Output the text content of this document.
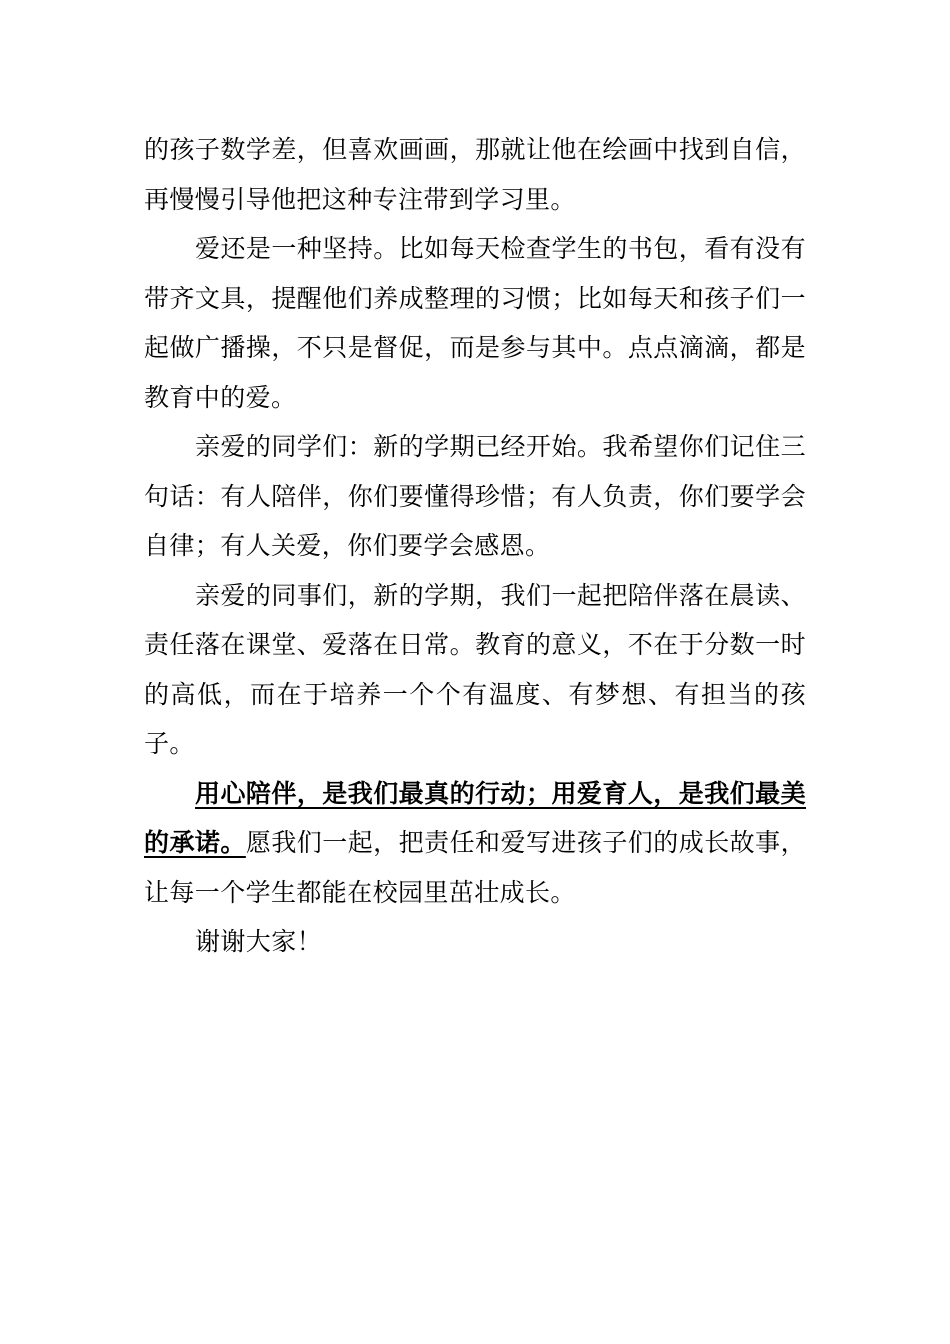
的孩子数学差，但喜欢画画，那就让他在绘画中找到自信，再慢慢引导他把这种专注带到学习里。

爱还是一种坚持。比如每天检查学生的书包，看有没有带齐文具，提醒他们养成整理的习惯；比如每天和孩子们一起做广播操，不只是督促，而是参与其中。点点滴滴，都是教育中的爱。

亲爱的同学们：新的学期已经开始。我希望你们记住三句话：有人陪伴，你们要懂得珍惜；有人负责，你们要学会自律；有人关爱，你们要学会感恩。

亲爱的同事们，新的学期，我们一起把陪伴落在晨读、责任落在课堂、爱落在日常。教育的意义，不在于分数一时的高低，而在于培养一个个有温度、有梦想、有担当的孩子。

用心陪伴，是我们最真的行动；用爱育人，是我们最美的承诺。愿我们一起，把责任和爱写进孩子们的成长故事，让每一个学生都能在校园里茁壮成长。

谢谢大家！
